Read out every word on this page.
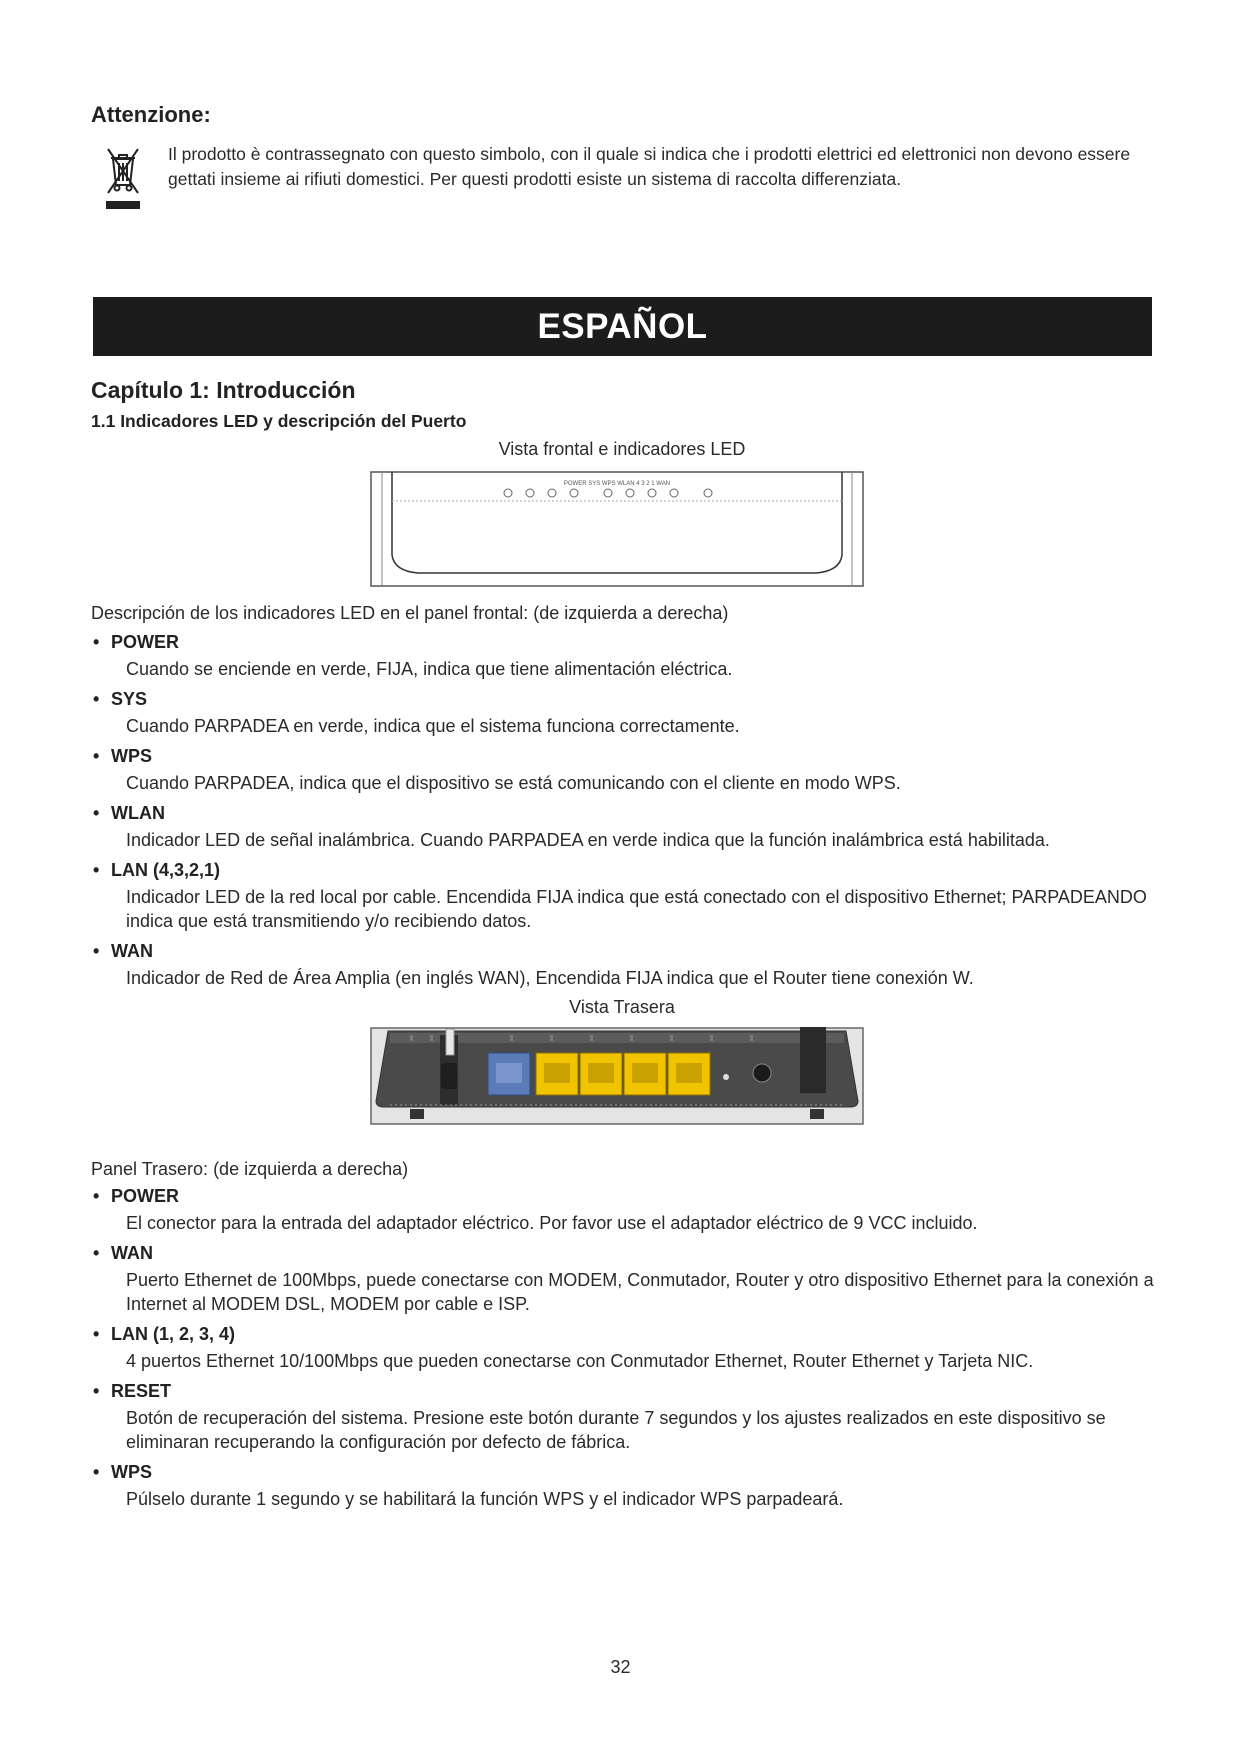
Attenzione:
Il prodotto è contrassegnato con questo simbolo, con il quale si indica che i prodotti elettrici ed elettronici non devono essere gettati insieme ai rifiuti domestici. Per questi prodotti esiste un sistema di raccolta differenziata.
ESPAÑOL
Capítulo 1: Introducción
1.1 Indicadores LED y descripción del Puerto
Vista frontal e indicadores LED
POWER SYS WPS WLAN 4 3 2 1 WAN
Descripción de los indicadores LED en el panel frontal: (de izquierda a derecha)
• POWER
Cuando se enciende en verde, FIJA, indica que tiene alimentación eléctrica.
• SYS
Cuando PARPADEA en verde, indica que el sistema funciona correctamente.
• WPS
Cuando PARPADEA, indica que el dispositivo se está comunicando con el cliente en modo WPS.
• WLAN
Indicador LED de señal inalámbrica. Cuando PARPADEA en verde indica que la función inalámbrica está habilitada.
• LAN (4,3,2,1)
Indicador LED de la red local por cable. Encendida FIJA indica que está conectado con el dispositivo Ethernet; PARPADEANDO indica que está transmitiendo y/o recibiendo datos.
• WAN
Indicador de Red de Área Amplia (en inglés WAN), Encendida FIJA indica que el Router tiene conexión W.
Vista Trasera
Panel Trasero: (de izquierda a derecha)
• POWER
El conector para la entrada del adaptador eléctrico. Por favor use el adaptador eléctrico de 9 VCC incluido.
• WAN
Puerto Ethernet de 100Mbps, puede conectarse con MODEM, Conmutador, Router y otro dispositivo Ethernet para la conexión a Internet al MODEM DSL, MODEM por cable e ISP.
• LAN (1, 2, 3, 4)
4 puertos Ethernet 10/100Mbps que pueden conectarse con Conmutador Ethernet, Router Ethernet y Tarjeta NIC.
• RESET
Botón de recuperación del sistema. Presione este botón durante 7 segundos y los ajustes realizados en este dispositivo se eliminaran recuperando la configuración por defecto de fábrica.
• WPS
Púlselo durante 1 segundo y se habilitará la función WPS y el indicador WPS parpadeará.
32
